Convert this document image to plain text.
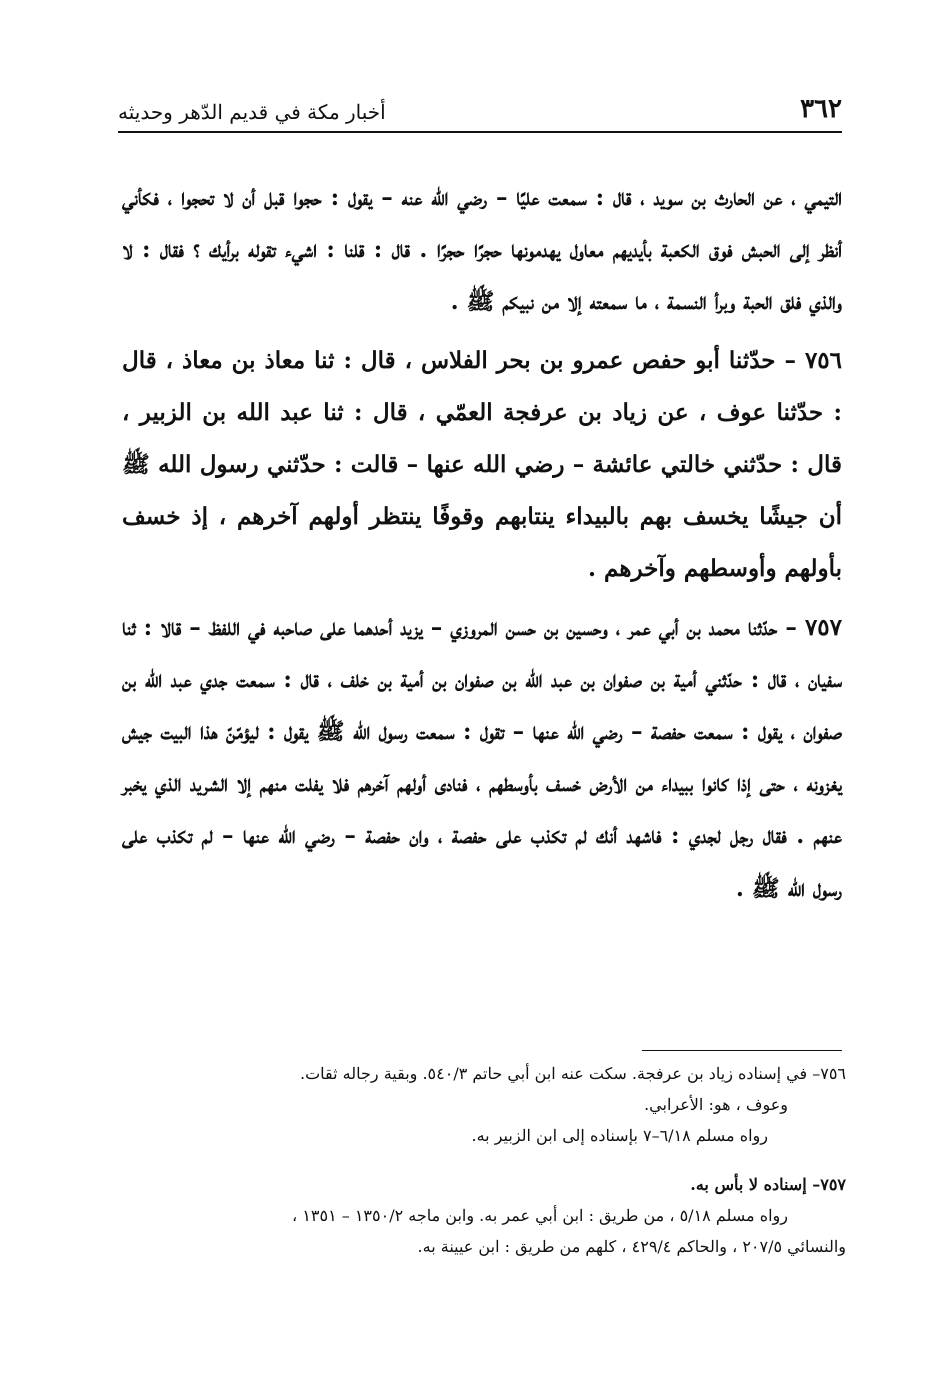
٣٦٢
أخبار مكة في قديم الدّهر وحديثه

التيمي ، عن الحارث بن سويد ، قال : سمعت عليًا – رضي الله عنه – يقول : حجوا قبل أن لا تحجوا ، فكأني أنظر إلى الحبش فوق الكعبة بأيديهم معاول يهدمونها حجرًا حجرًا . قال : قلنا : اشيء تقوله برأيك ؟ فقال : لا والذي فلق الحبة وبرأ النسمة ، ما سمعته إلا من نبيكم ﷺ .

٧٥٦ – حدّثنا أبو حفص عمرو بن بحر الفلاس ، قال : ثنا معاذ بن معاذ ، قال : حدّثنا عوف ، عن زياد بن عرفجة العمّي ، قال : ثنا عبد الله بن الزبير ، قال : حدّثني خالتي عائشة – رضي الله عنها – قالت : حدّثني رسول الله ﷺ أن جيشًا يخسف بهم بالبيداء ينتابهم وقوفًا ينتظر أولهم آخرهم ، إذ خسف بأولهم وأوسطهم وآخرهم .

٧٥٧ – حدّثنا محمد بن أبي عمر ، وحسين بن حسن المروزي – يزيد أحدهما على صاحبه في اللفظ – قالا : ثنا سفيان ، قال : حدّثني أمية بن صفوان بن عبد الله بن صفوان بن أمية بن خلف ، قال : سمعت جدي عبد الله بن صفوان ، يقول : سمعت حفصة – رضي الله عنها – تقول : سمعت رسول الله ﷺ يقول : ليؤمّنّ هذا البيت جيش يغزونه ، حتى إذا كانوا ببيداء من الأرض خسف بأوسطهم ، فنادى أولهم آخرهم فلا يفلت منهم إلا الشريد الذي يخبر عنهم . فقال رجل لجدي : فاشهد أنك لم تكذب على حفصة ، وان حفصة – رضي الله عنها – لم تكذب على رسول الله ﷺ .

٧٥٦– في إسناده زياد بن عرفجة. سكت عنه ابن أبي حاتم ٥٤٠/٣. وبقية رجاله ثقات.

وعوف ، هو: الأعرابي.

رواه مسلم ٦/١٨–٧ بإسناده إلى ابن الزبير به.

٧٥٧– إسناده لا بأس به.

رواه مسلم ٥/١٨ ، من طريق : ابن أبي عمر به. وابن ماجه ١٣٥٠/٢ – ١٣٥١ ،

والنسائي ٢٠٧/٥ ، والحاكم ٤٢٩/٤ ، كلهم من طريق : ابن عيينة به.
